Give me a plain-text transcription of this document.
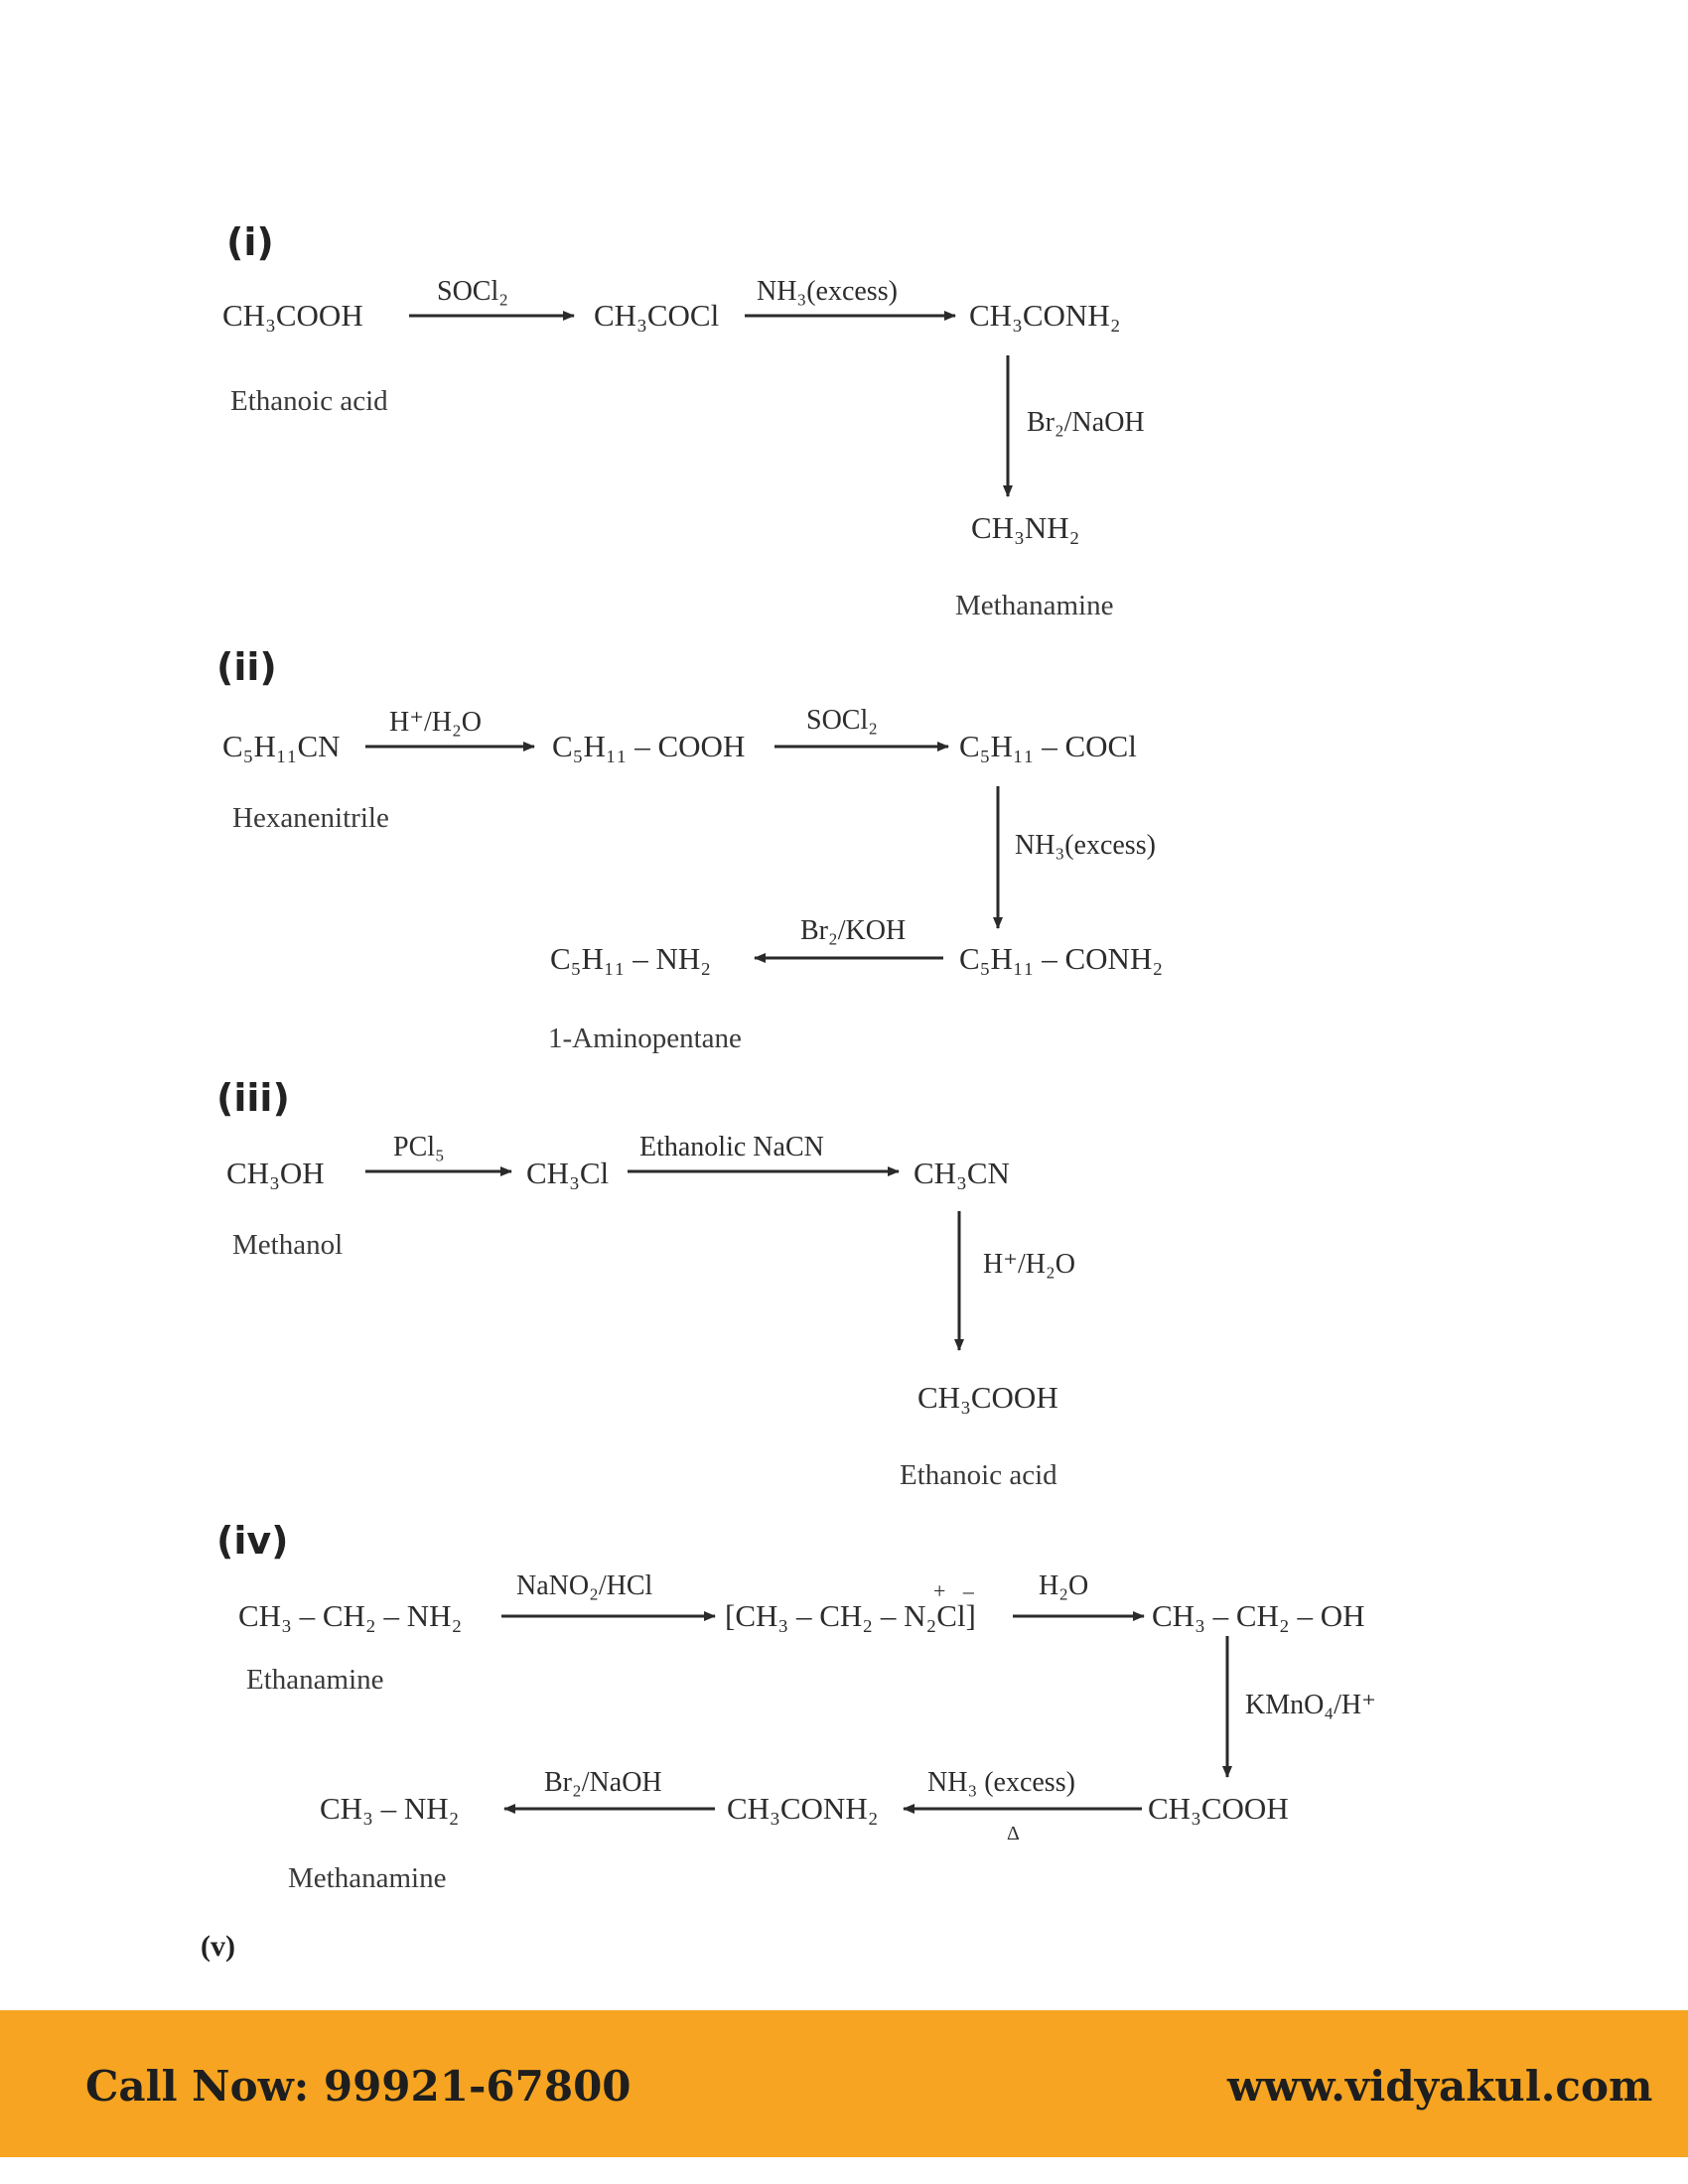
(i)
CH₃COOH
SOCl₂
CH₃COCl
NH₃(excess)
CH₃CONH₂
Br₂/NaOH
CH₃NH₂
Ethanoic acid
Methanamine
(ii)
C₅H₁₁CN
H⁺/H₂O
C₅H₁₁ – COOH
SOCl₂
C₅H₁₁ – COCl
NH₃(excess)
C₅H₁₁ – CONH₂
Br₂/KOH
C₅H₁₁ – NH₂
Hexanenitrile
1-Aminopentane
(iii)
CH₃OH
PCl₅
CH₃Cl
Ethanolic NaCN
CH₃CN
H⁺/H₂O
CH₃COOH
Methanol
Ethanoic acid
(iv)
CH₃ – CH₂ – NH₂
NaNO₂/HCl	+ –
[CH₃ – CH₂ – N₂Cl]
H₂O
CH₃ – CH₂ – OH
KMnO₄/H⁺
CH₃COOH
NH₃ (excess)
Δ
CH₃CONH₂
Br₂/NaOH
CH₃ – NH₂
Ethanamine
Methanamine
(v)
Call Now: 99921-67800	www.vidyakul.com
